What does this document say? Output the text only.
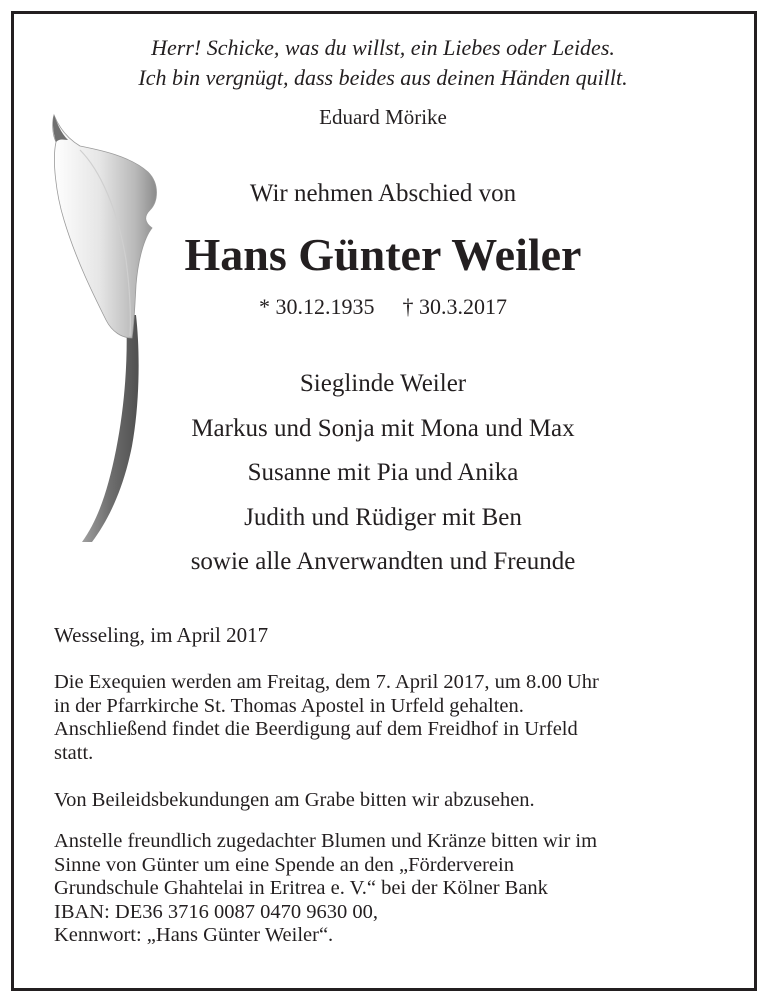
Herr! Schicke, was du willst, ein Liebes oder Leides.
Ich bin vergnügt, dass beides aus deinen Händen quillt.
Eduard Mörike
Wir nehmen Abschied von
Hans Günter Weiler
* 30.12.1935 † 30.3.2017
Sieglinde Weiler
Markus und Sonja mit Mona und Max
Susanne mit Pia und Anika
Judith und Rüdiger mit Ben
sowie alle Anverwandten und Freunde
Wesseling, im April 2017
Die Exequien werden am Freitag, dem 7. April 2017, um 8.00 Uhr
in der Pfarrkirche St. Thomas Apostel in Urfeld gehalten.
Anschließend findet die Beerdigung auf dem Freidhof in Urfeld
statt.
Von Beileidsbekundungen am Grabe bitten wir abzusehen.
Anstelle freundlich zugedachter Blumen und Kränze bitten wir im
Sinne von Günter um eine Spende an den „Förderverein
Grundschule Ghahtelai in Eritrea e. V.“ bei der Kölner Bank
IBAN: DE36 3716 0087 0470 9630 00,
Kennwort: „Hans Günter Weiler“.
